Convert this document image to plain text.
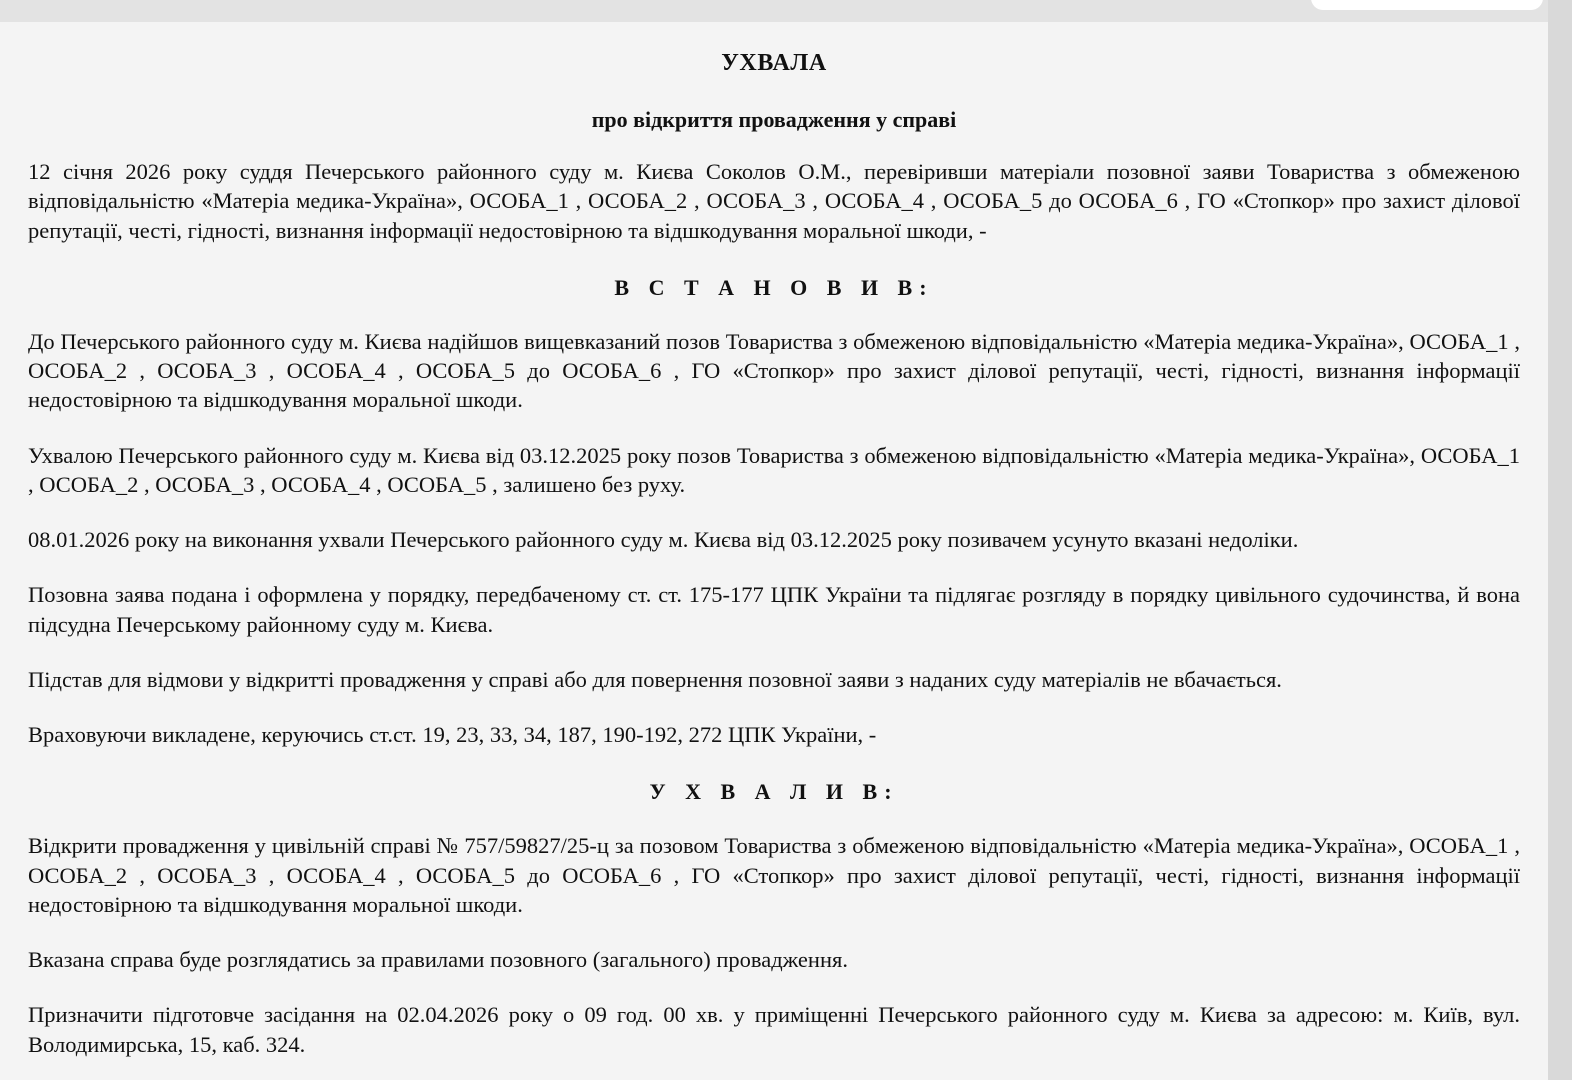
УХВАЛА
про відкриття провадження у справі

12 січня 2026 року суддя Печерського районного суду м. Києва Соколов О.М., перевіривши матеріали позовної заяви Товариства з обмеженою відповідальністю «Матеріа медика-Україна», ОСОБА_1 , ОСОБА_2 , ОСОБА_3 , ОСОБА_4 , ОСОБА_5 до ОСОБА_6 , ГО «Стопкор» про захист ділової репутації, честі, гідності, визнання інформації недостовірною та відшкодування моральної шкоди, -

В С Т А Н О В И В:

До Печерського районного суду м. Києва надійшов вищевказаний позов Товариства з обмеженою відповідальністю «Матеріа медика-Україна», ОСОБА_1 , ОСОБА_2 , ОСОБА_3 , ОСОБА_4 , ОСОБА_5 до ОСОБА_6 , ГО «Стопкор» про захист ділової репутації, честі, гідності, визнання інформації недостовірною та відшкодування моральної шкоди.

Ухвалою Печерського районного суду м. Києва від 03.12.2025 року позов Товариства з обмеженою відповідальністю «Матеріа медика-Україна», ОСОБА_1 , ОСОБА_2 , ОСОБА_3 , ОСОБА_4 , ОСОБА_5 , залишено без руху.

08.01.2026 року на виконання ухвали Печерського районного суду м. Києва від 03.12.2025 року позивачем усунуто вказані недоліки.

Позовна заява подана і оформлена у порядку, передбаченому ст. ст. 175-177 ЦПК України та підлягає розгляду в порядку цивільного судочинства, й вона підсудна Печерському районному суду м. Києва.

Підстав для відмови у відкритті провадження у справі або для повернення позовної заяви з наданих суду матеріалів не вбачається.

Враховуючи викладене, керуючись ст.ст. 19, 23, 33, 34, 187, 190-192, 272 ЦПК України, -

У Х В А Л И В:

Відкрити провадження у цивільній справі № 757/59827/25-ц за позовом Товариства з обмеженою відповідальністю «Матеріа медика-Україна», ОСОБА_1 , ОСОБА_2 , ОСОБА_3 , ОСОБА_4 , ОСОБА_5 до ОСОБА_6 , ГО «Стопкор» про захист ділової репутації, честі, гідності, визнання інформації недостовірною та відшкодування моральної шкоди.

Вказана справа буде розглядатись за правилами позовного (загального) провадження.

Призначити підготовче засідання на 02.04.2026 року о 09 год. 00 хв. у приміщенні Печерського районного суду м. Києва за адресою: м. Київ, вул. Володимирська, 15, каб. 324.
